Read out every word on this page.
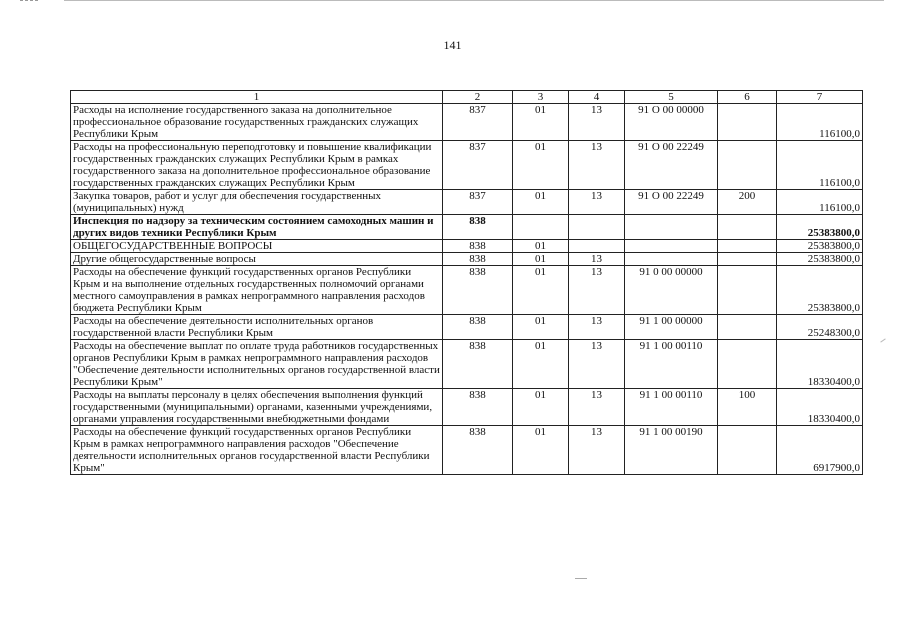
141
1	2	3	4	5	6	7
Расходы на исполнение государственного заказа на дополнительное профессиональное образование государственных гражданских служащих Республики Крым	837	01	13	91 О 00 00000		116100,0
Расходы на профессиональную переподготовку и повышение квалификации государственных гражданских служащих Республики Крым в рамках государственного заказа на дополнительное профессиональное образование государственных гражданских служащих Республики Крым	837	01	13	91 О 00 22249		116100,0
Закупка товаров, работ и услуг для обеспечения государственных (муниципальных) нужд	837	01	13	91 О 00 22249	200	116100,0
Инспекция по надзору за техническим состоянием самоходных машин и других видов техники Республики Крым	838					25383800,0
ОБЩЕГОСУДАРСТВЕННЫЕ ВОПРОСЫ	838	01				25383800,0
Другие общегосударственные вопросы	838	01	13			25383800,0
Расходы на обеспечение функций государственных органов Республики Крым и на выполнение отдельных государственных полномочий органами местного самоуправления в рамках непрограммного направления расходов бюджета Республики Крым	838	01	13	91 0 00 00000		25383800,0
Расходы на обеспечение деятельности исполнительных органов государственной власти Республики Крым	838	01	13	91 1 00 00000		25248300,0
Расходы на обеспечение выплат по оплате труда работников государственных органов Республики Крым в рамках непрограммного направления расходов "Обеспечение деятельности исполнительных органов государственной власти Республики Крым"	838	01	13	91 1 00 00110		18330400,0
Расходы на выплаты персоналу в целях обеспечения выполнения функций государственными (муниципальными) органами, казенными учреждениями, органами управления государственными внебюджетными фондами	838	01	13	91 1 00 00110	100	18330400,0
Расходы на обеспечение функций государственных органов Республики Крым в рамках непрограммного направления расходов "Обеспечение деятельности исполнительных органов государственной власти Республики Крым"	838	01	13	91 1 00 00190		6917900,0
